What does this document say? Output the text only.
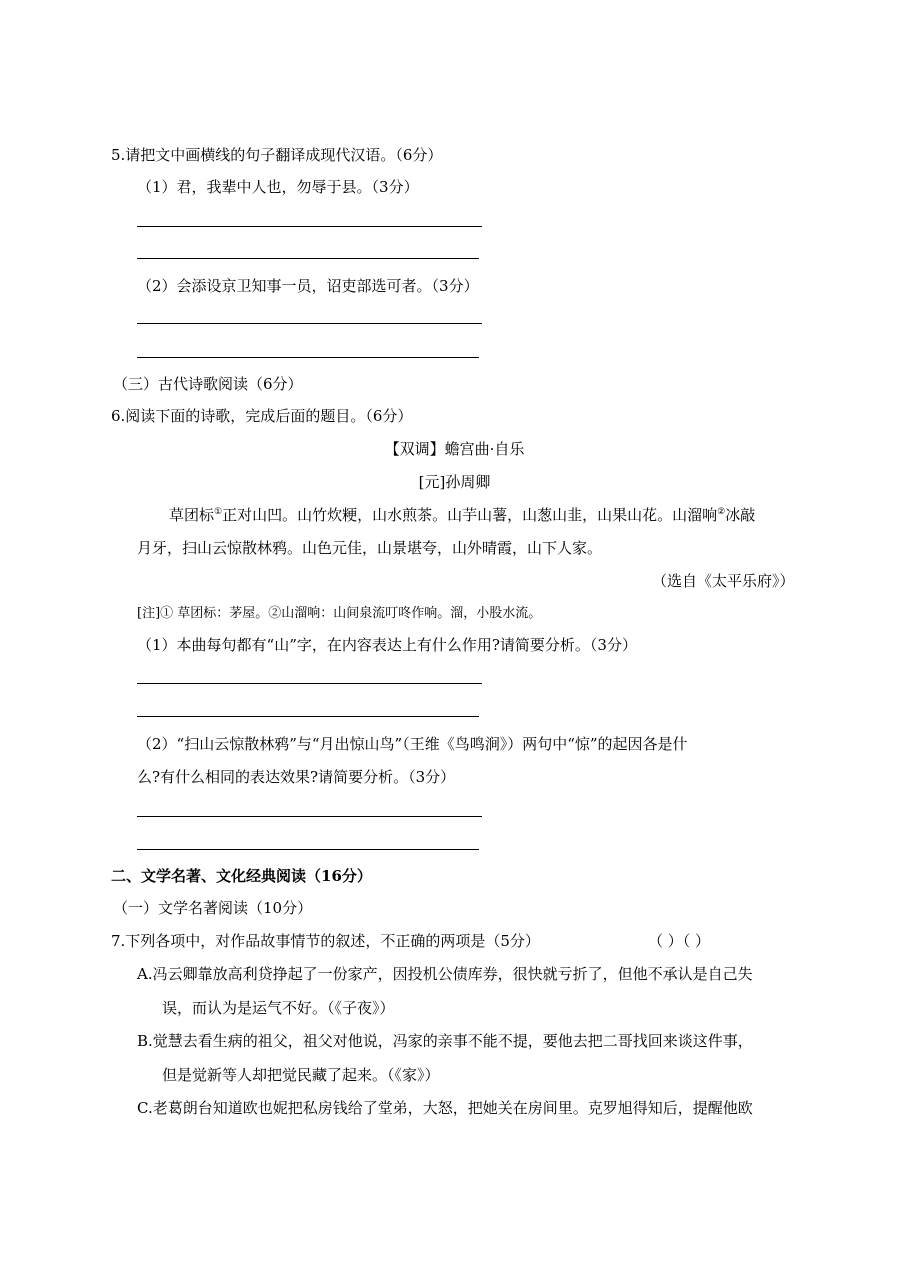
5.请把文中画横线的句子翻译成现代汉语。（6分）
（1）君，我辈中人也，勿辱于县。（3分）
（2）会添设京卫知事一员，诏吏部选可者。（3分）
（三）古代诗歌阅读（6分）
6.阅读下面的诗歌，完成后面的题目。（6分）
【双调】蟾宫曲·自乐
[元]孙周卿
草团标①正对山凹。山竹炊粳，山水煎茶。山芋山薯，山葱山韭，山果山花。山溜响②冰敲
月牙，扫山云惊散林鸦。山色元佳，山景堪夸，山外晴霞，山下人家。
（选自《太平乐府》）
[注]① 草团标：茅屋。②山溜响：山间泉流叮咚作响。溜，小股水流。
（1）本曲每句都有“山”字，在内容表达上有什么作用?请简要分析。（3分）
（2）“扫山云惊散林鸦”与“月出惊山鸟”（王维《鸟鸣涧》）两句中“惊”的起因各是什
么?有什么相同的表达效果?请简要分析。（3分）
二、文学名著、文化经典阅读（16分）
（一）文学名著阅读（10分）
7.下列各项中，对作品故事情节的叙述，不正确的两项是（5分）	（ ）（ ）
A.冯云卿靠放高利贷挣起了一份家产，因投机公债库券，很快就亏折了，但他不承认是自己失
误，而认为是运气不好。（《子夜》）
B.觉慧去看生病的祖父，祖父对他说，冯家的亲事不能不提，要他去把二哥找回来谈这件事，
但是觉新等人却把觉民藏了起来。（《家》）
C.老葛朗台知道欧也妮把私房钱给了堂弟，大怒，把她关在房间里。克罗旭得知后，提醒他欧
